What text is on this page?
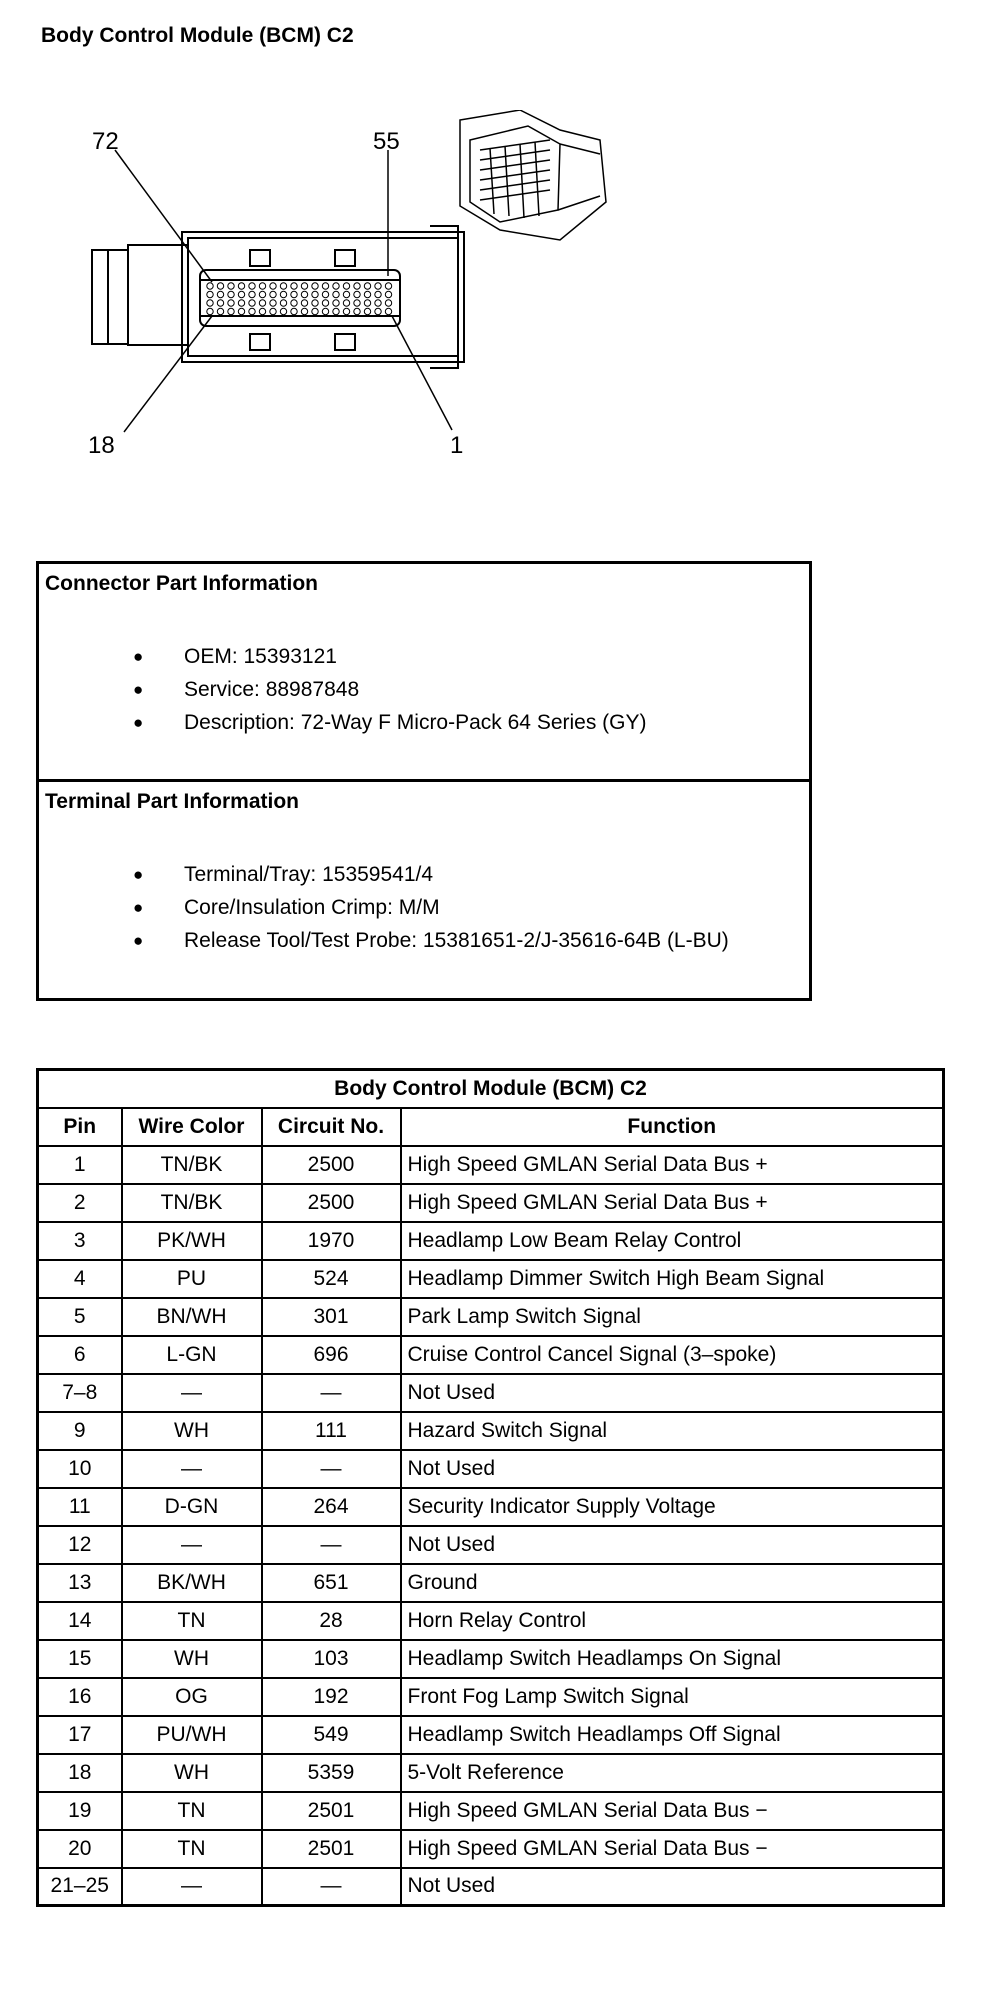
Body Control Module (BCM) C2
72	55
18	1
Connector Part Information
● OEM: 15393121
● Service: 88987848
● Description: 72-Way F Micro-Pack 64 Series (GY)
Terminal Part Information
● Terminal/Tray: 15359541/4
● Core/Insulation Crimp: M/M
● Release Tool/Test Probe: 15381651-2/J-35616-64B (L-BU)
Body Control Module (BCM) C2			
Pin	Wire Color	Circuit No.	Function
1	TN/BK	2500	High Speed GMLAN Serial Data Bus +
2	TN/BK	2500	High Speed GMLAN Serial Data Bus +
3	PK/WH	1970	Headlamp Low Beam Relay Control
4	PU	524	Headlamp Dimmer Switch High Beam Signal
5	BN/WH	301	Park Lamp Switch Signal
6	L-GN	696	Cruise Control Cancel Signal (3–spoke)
7–8	—	—	Not Used
9	WH	111	Hazard Switch Signal
10	—	—	Not Used
11	D-GN	264	Security Indicator Supply Voltage
12	—	—	Not Used
13	BK/WH	651	Ground
14	TN	28	Horn Relay Control
15	WH	103	Headlamp Switch Headlamps On Signal
16	OG	192	Front Fog Lamp Switch Signal
17	PU/WH	549	Headlamp Switch Headlamps Off Signal
18	WH	5359	5-Volt Reference
19	TN	2501	High Speed GMLAN Serial Data Bus −
20	TN	2501	High Speed GMLAN Serial Data Bus −
21–25	—	—	Not Used
